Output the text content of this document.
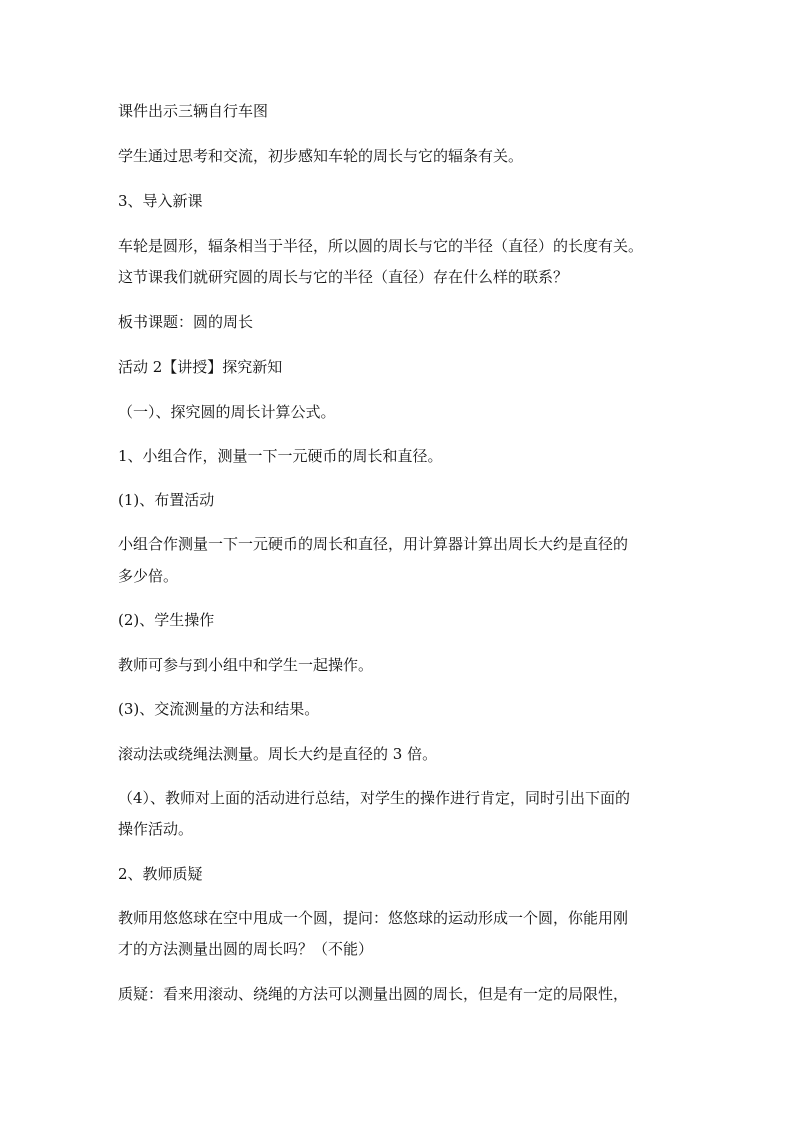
课件出示三辆自行车图
学生通过思考和交流，初步感知车轮的周长与它的辐条有关。
3、导入新课
车轮是圆形，辐条相当于半径，所以圆的周长与它的半径（直径）的长度有关。
这节课我们就研究圆的周长与它的半径（直径）存在什么样的联系？
板书课题：圆的周长
活动 2【讲授】探究新知
（一）、探究圆的周长计算公式。
1、小组合作，测量一下一元硬币的周长和直径。
(1)、布置活动
小组合作测量一下一元硬币的周长和直径，用计算器计算出周长大约是直径的
多少倍。
(2)、学生操作
教师可参与到小组中和学生一起操作。
(3)、交流测量的方法和结果。
滚动法或绕绳法测量。周长大约是直径的 3 倍。
（4）、教师对上面的活动进行总结，对学生的操作进行肯定，同时引出下面的
操作活动。
2、教师质疑
教师用悠悠球在空中甩成一个圆，提问：悠悠球的运动形成一个圆，你能用刚
才的方法测量出圆的周长吗？（不能）
质疑：看来用滚动、绕绳的方法可以测量出圆的周长，但是有一定的局限性，
